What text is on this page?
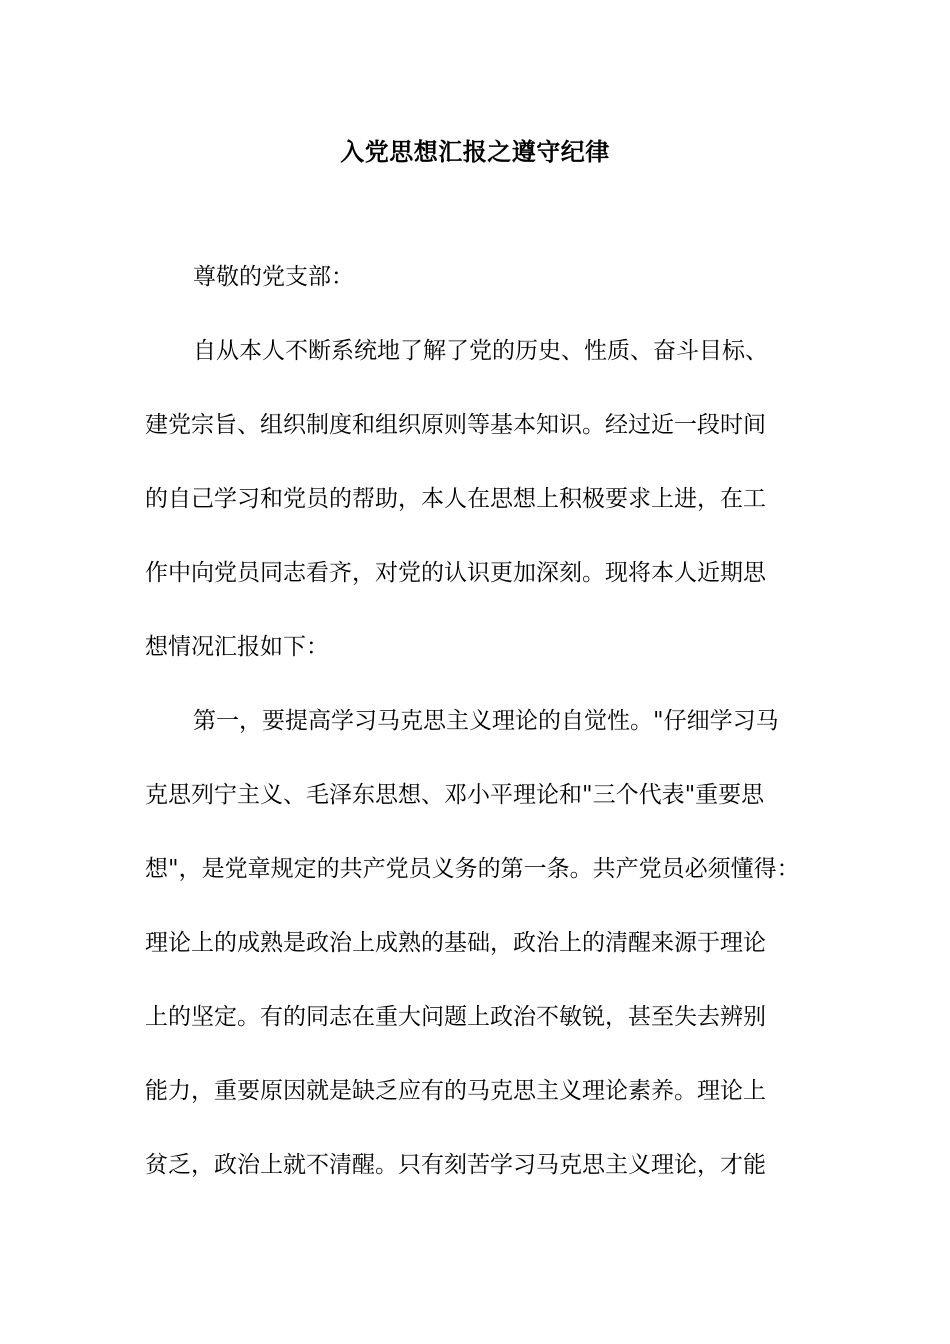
入党思想汇报之遵守纪律
尊敬的党支部：
自从本人不断系统地了解了党的历史、性质、奋斗目标、
建党宗旨、组织制度和组织原则等基本知识。经过近一段时间
的自己学习和党员的帮助，本人在思想上积极要求上进，在工
作中向党员同志看齐，对党的认识更加深刻。现将本人近期思
想情况汇报如下：
第一，要提高学习马克思主义理论的自觉性。"仔细学习马
克思列宁主义、毛泽东思想、邓小平理论和"三个代表"重要思
想"，是党章规定的共产党员义务的第一条。共产党员必须懂得：
理论上的成熟是政治上成熟的基础，政治上的清醒来源于理论
上的坚定。有的同志在重大问题上政治不敏锐，甚至失去辨别
能力，重要原因就是缺乏应有的马克思主义理论素养。理论上
贫乏，政治上就不清醒。只有刻苦学习马克思主义理论，才能
